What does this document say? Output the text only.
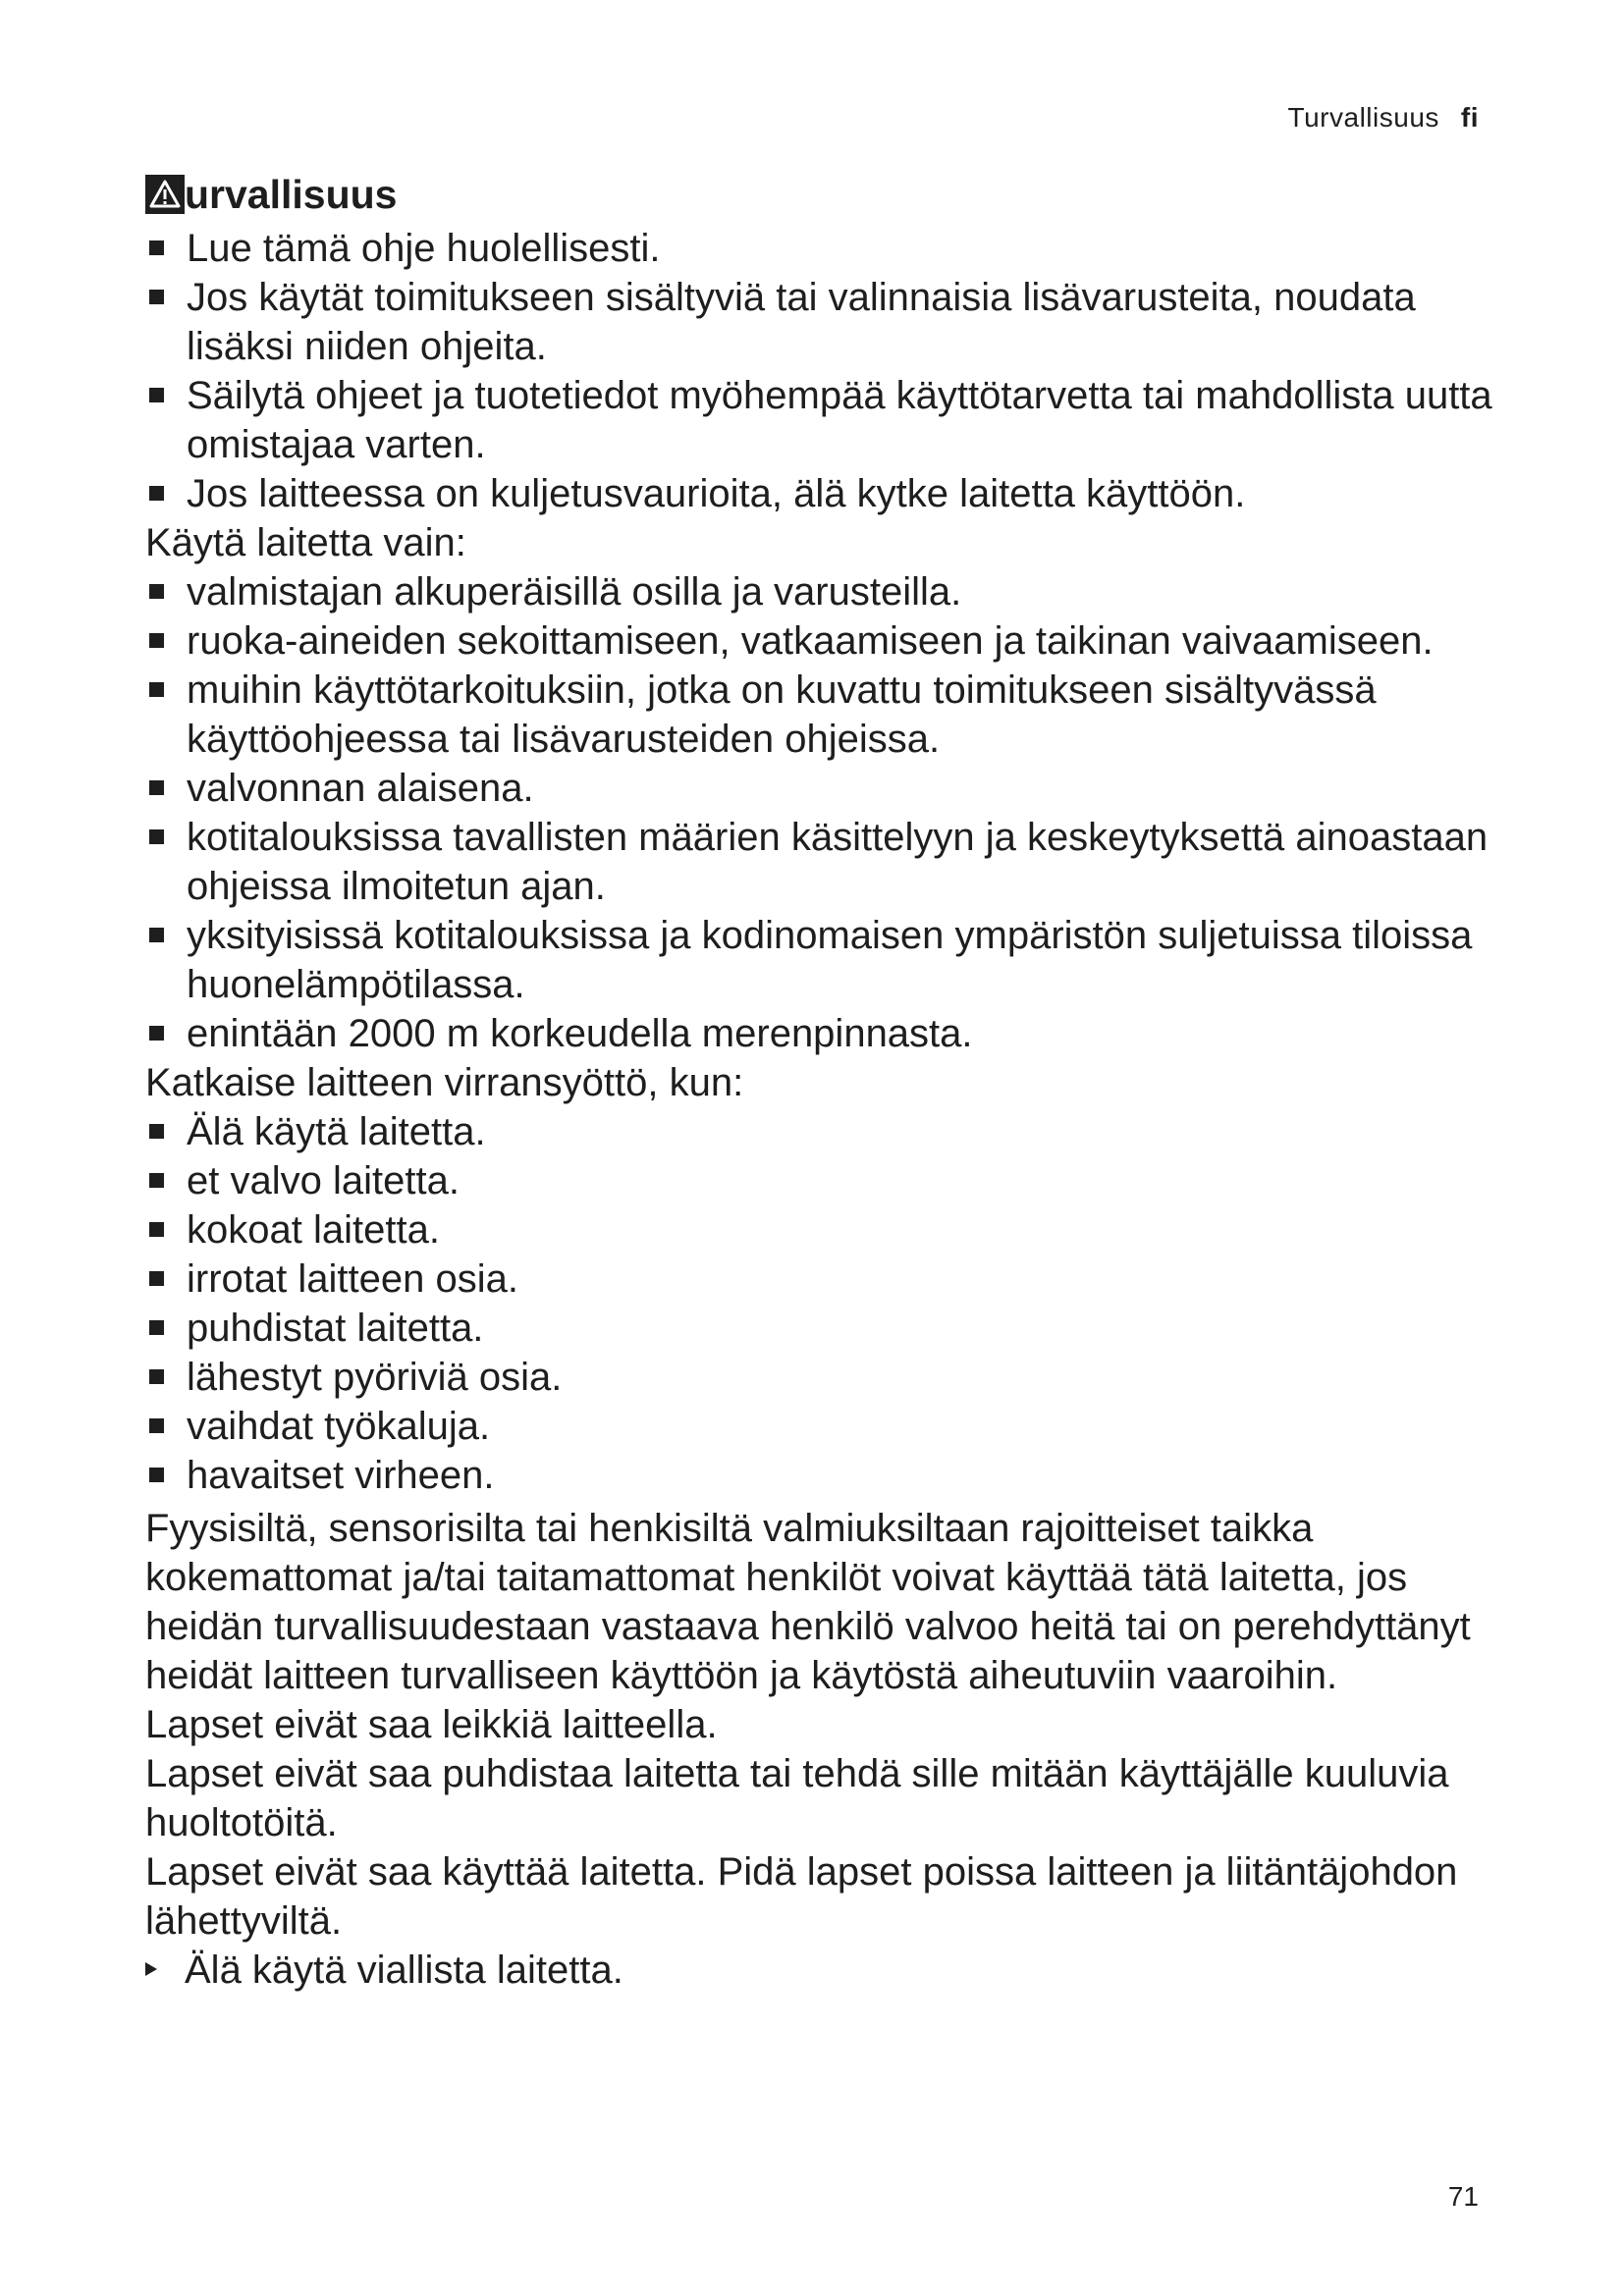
Turvallisuus fi
urvallisuus
Lue tämä ohje huolellisesti.
Jos käytät toimitukseen sisältyviä tai valinnaisia lisävarusteita, noudata lisäksi niiden ohjeita.
Säilytä ohjeet ja tuotetiedot myöhempää käyttötarvetta tai mahdollista uutta omistajaa varten.
Jos laitteessa on kuljetusvaurioita, älä kytke laitetta käyttöön.

Käytä laitetta vain:

valmistajan alkuperäisillä osilla ja varusteilla.
ruoka-aineiden sekoittamiseen, vatkaamiseen ja taikinan vaivaamiseen.
muihin käyttötarkoituksiin, jotka on kuvattu toimitukseen sisältyvässä käyttöohjeessa tai lisävarusteiden ohjeissa.
valvonnan alaisena.
kotitalouksissa tavallisten määrien käsittelyyn ja keskeytyksettä ainoastaan ohjeissa ilmoitetun ajan.
yksityisissä kotitalouksissa ja kodinomaisen ympäristön suljetuissa tiloissa huonelämpötilassa.
enintään 2000 m korkeudella merenpinnasta.

Katkaise laitteen virransyöttö, kun:

Älä käytä laitetta.
et valvo laitetta.
kokoat laitetta.
irrotat laitteen osia.
puhdistat laitetta.
lähestyt pyöriviä osia.
vaihdat työkaluja.
havaitset virheen.

Fyysisiltä, sensorisilta tai henkisiltä valmiuksiltaan rajoitteiset taikka kokemattomat ja/tai taitamattomat henkilöt voivat käyttää tätä laitetta, jos heidän turvallisuudestaan vastaava henkilö valvoo heitä tai on perehdyttänyt heidät laitteen turvalliseen käyttöön ja käytöstä aiheutuviin vaaroihin.

Lapset eivät saa leikkiä laitteella.

Lapset eivät saa puhdistaa laitetta tai tehdä sille mitään käyttäjälle kuuluvia huoltotöitä.

Lapset eivät saa käyttää laitetta. Pidä lapset poissa laitteen ja liitäntäjohdon lähettyviltä.

Älä käytä viallista laitetta.
71
